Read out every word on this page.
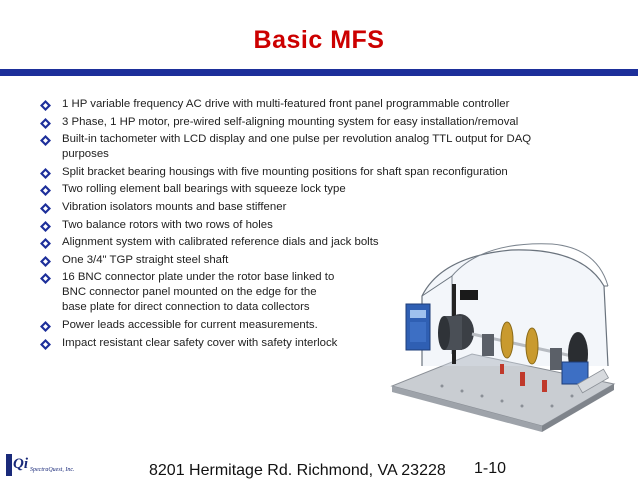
Basic MFS
1 HP variable frequency AC drive with multi-featured front panel programmable controller
3 Phase, 1 HP motor, pre-wired self-aligning mounting system for easy installation/removal
Built-in tachometer with LCD display and one pulse per revolution analog TTL output for DAQ
purposes
Split bracket bearing housings with five mounting positions for shaft span reconfiguration
Two rolling element ball bearings with squeeze lock type
Vibration isolators mounts and base stiffener
Two balance rotors with two rows of holes
Alignment system with calibrated reference dials and jack bolts
One 3/4" TGP straight steel shaft
16 BNC connector plate under the rotor base linked to
BNC connector panel mounted on the edge for the
base plate for direct connection to data collectors
Power leads accessible for current measurements.
Impact resistant clear safety cover with safety interlock
Qi SpectraQuest, Inc.	8201 Hermitage Rd. Richmond, VA 23228 1-10
